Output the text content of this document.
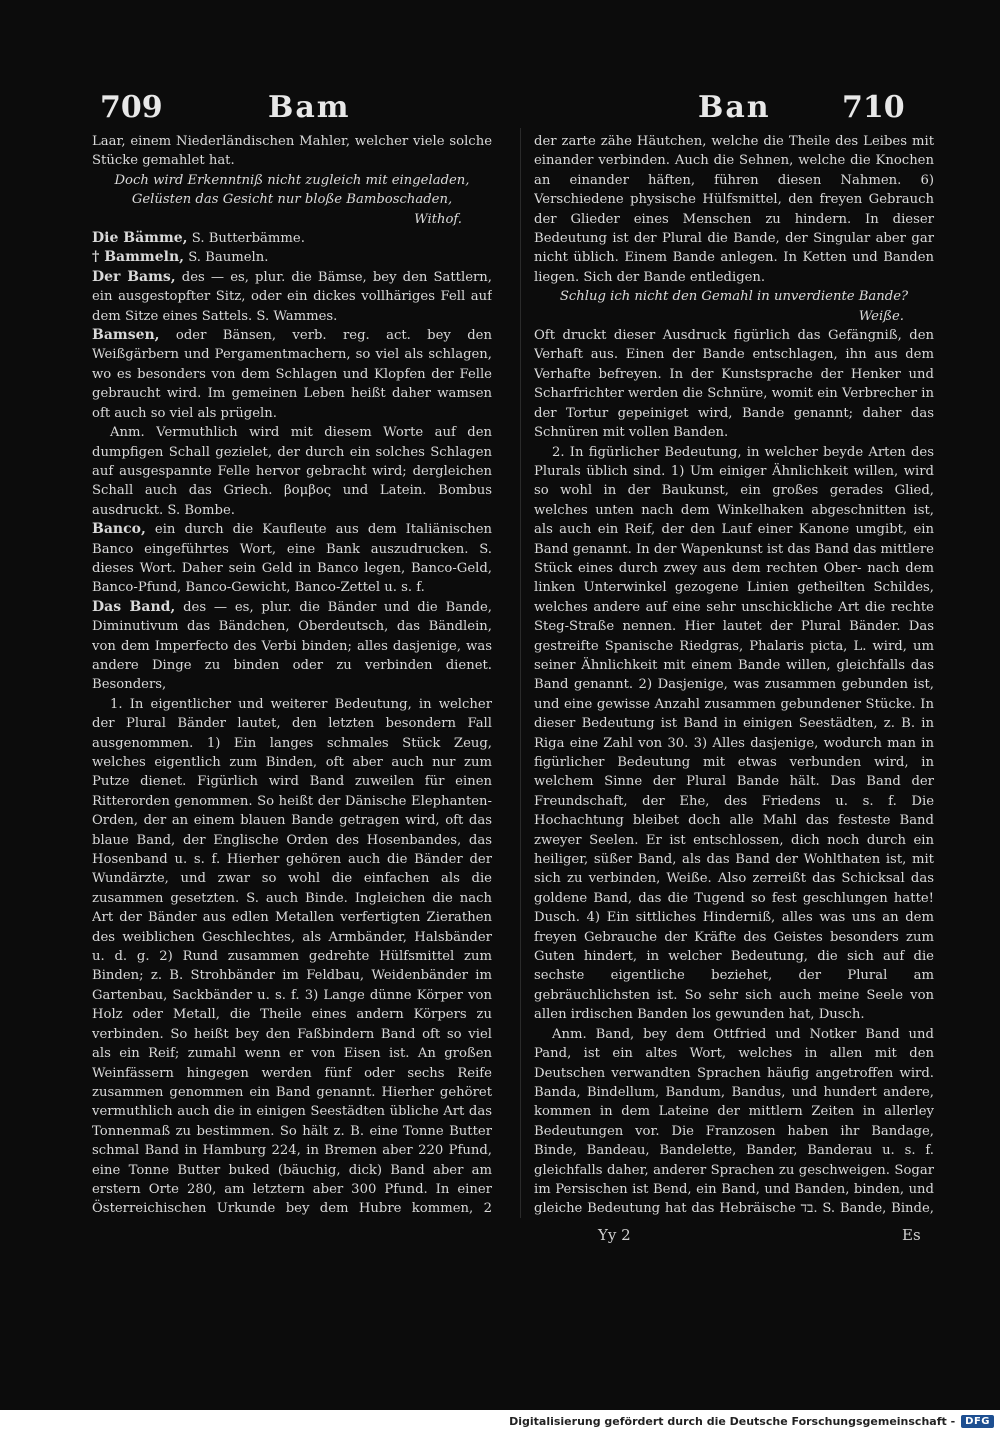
709	Bam	Ban 710

Laar, einem Niederländischen Mahler, welcher viele solche Stücke gemahlet hat.

Doch wird Erkenntniß nicht zugleich mit eingeladen,

Gelüsten das Gesicht nur bloße Bamboschaden,

Withof.

Die Bämme, S. Butterbämme.

† Bammeln, S. Baumeln.

Der Bams, des — es, plur. die Bämse, bey den Sattlern, ein ausgestopfter Sitz, oder ein dickes vollhäriges Fell auf dem Sitze eines Sattels. S. Wammes.

Bamsen, oder Bänsen, verb. reg. act. bey den Weißgärbern und Pergamentmachern, so viel als schlagen, wo es besonders von dem Schlagen und Klopfen der Felle gebraucht wird. Im gemeinen Leben heißt daher wamsen oft auch so viel als prügeln.

Anm. Vermuthlich wird mit diesem Worte auf den dumpfigen Schall gezielet, der durch ein solches Schlagen auf ausgespannte Felle hervor gebracht wird; dergleichen Schall auch das Griech. βομβος und Latein. Bombus ausdruckt. S. Bombe.

Banco, ein durch die Kaufleute aus dem Italiänischen Banco eingeführtes Wort, eine Bank auszudrucken. S. dieses Wort. Daher sein Geld in Banco legen, Banco-Geld, Banco-Pfund, Banco-Gewicht, Banco-Zettel u. s. f.

Das Band, des — es, plur. die Bänder und die Bande, Diminutivum das Bändchen, Oberdeutsch, das Bändlein, von dem Imperfecto des Verbi binden; alles dasjenige, was andere Dinge zu binden oder zu verbinden dienet. Besonders,

1. In eigentlicher und weiterer Bedeutung, in welcher der Plural Bänder lautet, den letzten besondern Fall ausgenommen. 1) Ein langes schmales Stück Zeug, welches eigentlich zum Binden, oft aber auch nur zum Putze dienet. Figürlich wird Band zuweilen für einen Ritterorden genommen. So heißt der Dänische Elephanten-Orden, der an einem blauen Bande getragen wird, oft das blaue Band, der Englische Orden des Hosenbandes, das Hosenband u. s. f. Hierher gehören auch die Bänder der Wundärzte, und zwar so wohl die einfachen als die zusammen gesetzten. S. auch Binde. Ingleichen die nach Art der Bänder aus edlen Metallen verfertigten Zierathen des weiblichen Geschlechtes, als Armbänder, Halsbänder u. d. g. 2) Rund zusammen gedrehte Hülfsmittel zum Binden; z. B. Strohbänder im Feldbau, Weidenbänder im Gartenbau, Sackbänder u. s. f. 3) Lange dünne Körper von Holz oder Metall, die Theile eines andern Körpers zu verbinden. So heißt bey den Faßbindern Band oft so viel als ein Reif; zumahl wenn er von Eisen ist. An großen Weinfässern hingegen werden fünf oder sechs Reife zusammen genommen ein Band genannt. Hierher gehöret vermuthlich auch die in einigen Seestädten übliche Art das Tonnenmaß zu bestimmen. So hält z. B. eine Tonne Butter schmal Band in Hamburg 224, in Bremen aber 220 Pfund, eine Tonne Butter buked (bäuchig, dick) Band aber am erstern Orte 280, am letztern aber 300 Pfund. In einer Österreichischen Urkunde bey dem Hubre kommen, 2

der zarte zähe Häutchen, welche die Theile des Leibes mit einander verbinden. Auch die Sehnen, welche die Knochen an einander häften, führen diesen Nahmen. 6) Verschiedene physische Hülfsmittel, den freyen Gebrauch der Glieder eines Menschen zu hindern. In dieser Bedeutung ist der Plural die Bande, der Singular aber gar nicht üblich. Einem Bande anlegen. In Ketten und Banden liegen. Sich der Bande entledigen.

Schlug ich nicht den Gemahl in unverdiente Bande?

Weiße.

Oft druckt dieser Ausdruck figürlich das Gefängniß, den Verhaft aus. Einen der Bande entschlagen, ihn aus dem Verhafte befreyen. In der Kunstsprache der Henker und Scharfrichter werden die Schnüre, womit ein Verbrecher in der Tortur gepeiniget wird, Bande genannt; daher das Schnüren mit vollen Banden.

2. In figürlicher Bedeutung, in welcher beyde Arten des Plurals üblich sind. 1) Um einiger Ähnlichkeit willen, wird so wohl in der Baukunst, ein großes gerades Glied, welches unten nach dem Winkelhaken abgeschnitten ist, als auch ein Reif, der den Lauf einer Kanone umgibt, ein Band genannt. In der Wapenkunst ist das Band das mittlere Stück eines durch zwey aus dem rechten Ober- nach dem linken Unterwinkel gezogene Linien getheilten Schildes, welches andere auf eine sehr unschickliche Art die rechte Steg-Straße nennen. Hier lautet der Plural Bänder. Das gestreifte Spanische Riedgras, Phalaris picta, L. wird, um seiner Ähnlichkeit mit einem Bande willen, gleichfalls das Band genannt. 2) Dasjenige, was zusammen gebunden ist, und eine gewisse Anzahl zusammen gebundener Stücke. In dieser Bedeutung ist Band in einigen Seestädten, z. B. in Riga eine Zahl von 30. 3) Alles dasjenige, wodurch man in figürlicher Bedeutung mit etwas verbunden wird, in welchem Sinne der Plural Bande hält. Das Band der Freundschaft, der Ehe, des Friedens u. s. f. Die Hochachtung bleibet doch alle Mahl das festeste Band zweyer Seelen. Er ist entschlossen, dich noch durch ein heiliger, süßer Band, als das Band der Wohlthaten ist, mit sich zu verbinden, Weiße. Also zerreißt das Schicksal das goldene Band, das die Tugend so fest geschlungen hatte! Dusch. 4) Ein sittliches Hinderniß, alles was uns an dem freyen Gebrauche der Kräfte des Geistes besonders zum Guten hindert, in welcher Bedeutung, die sich auf die sechste eigentliche beziehet, der Plural am gebräuchlichsten ist. So sehr sich auch meine Seele von allen irdischen Banden los gewunden hat, Dusch.

Anm. Band, bey dem Ottfried und Notker Band und Pand, ist ein altes Wort, welches in allen mit den Deutschen verwandten Sprachen häufig angetroffen wird. Banda, Bindellum, Bandum, Bandus, und hundert andere, kommen in dem Lateine der mittlern Zeiten in allerley Bedeutungen vor. Die Franzosen haben ihr Bandage, Binde, Bandeau, Bandelette, Bander, Banderau u. s. f. gleichfalls daher, anderer Sprachen zu geschweigen. Sogar im Persischen ist Bend, ein Band, und Banden, binden, und gleiche Bedeutung hat das Hebräische בד. S. Bande, Binde,

Yy 2	Es
Digitalisierung gefördert durch die Deutsche Forschungsgemeinschaft -	DFG
